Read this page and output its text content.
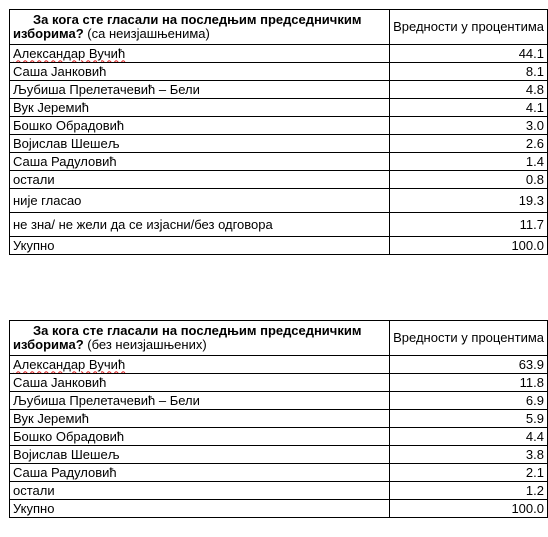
За кога сте гласали на последњим председничким
изборима? (са неизјашњенима)	Вредности у процентима
Александар Вучић	44.1
Саша Јанковић	8.1
Љубиша Прелетачевић – Бели	4.8
Вук Јеремић	4.1
Бошко Обрадовић	3.0
Војислав Шешељ	2.6
Саша Радуловић	1.4
остали	0.8
није гласао	19.3
не зна/ не жели да се изјасни/без одговора	11.7
Укупно	100.0
За кога сте гласали на последњим председничким
изборима? (без неизјашњених)	Вредности у процентима
Александар Вучић	63.9
Саша Јанковић	11.8
Љубиша Прелетачевић – Бели	6.9
Вук Јеремић	5.9
Бошко Обрадовић	4.4
Војислав Шешељ	3.8
Саша Радуловић	2.1
остали	1.2
Укупно	100.0
